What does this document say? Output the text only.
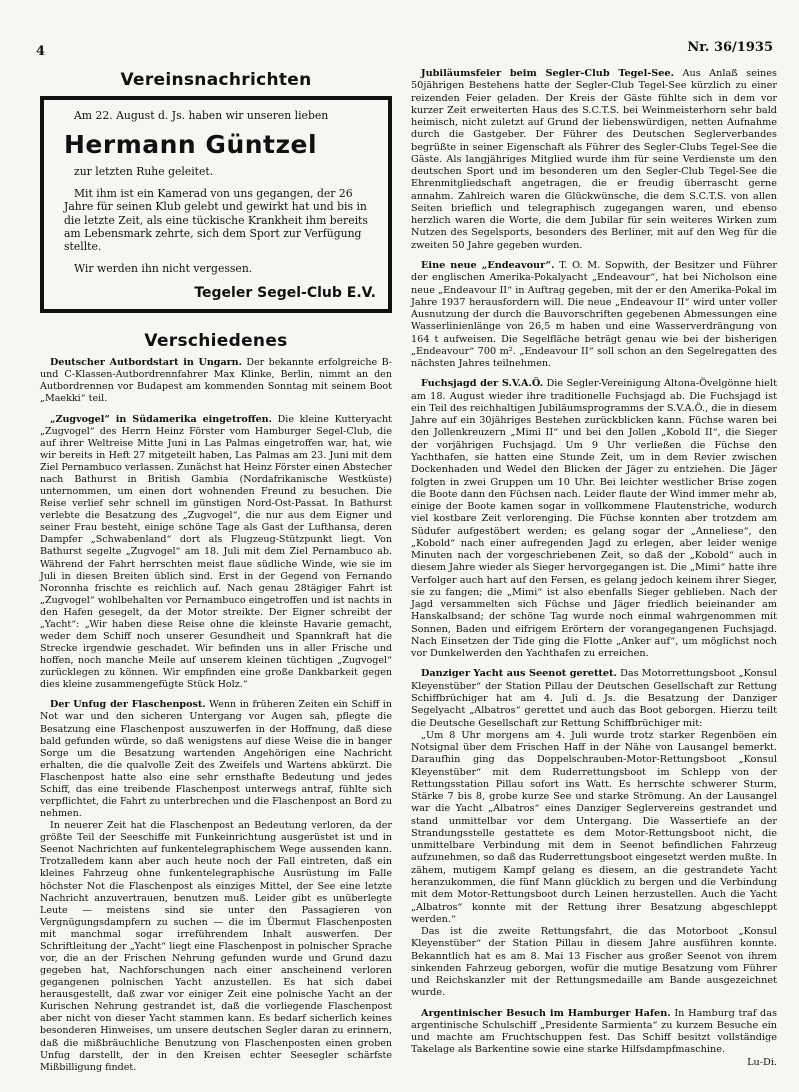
4	Nr. 36/1935
Vereinsnachrichten

Am 22. August d. Js. haben wir unseren lieben

Hermann Güntzel

zur letzten Ruhe geleitet.

Mit ihm ist ein Kamerad von uns gegangen, der 26 Jahre für seinen Klub gelebt und gewirkt hat und bis in die letzte Zeit, als eine tückische Krankheit ihm bereits am Lebensmark zehrte, sich dem Sport zur Verfügung stellte.

Wir werden ihn nicht vergessen.

Tegeler Segel-Club E.V.
Verschiedenes

Deutscher Autbordstart in Ungarn. Der bekannte erfolgreiche B- und C-Klassen-Autbordrennfahrer Max Klinke, Berlin, nimmt an den Autbordrennen vor Budapest am kommenden Sonntag mit seinem Boot „Maekki“ teil.

„Zugvogel“ in Südamerika eingetroffen. Die kleine Kutteryacht „Zugvogel“ des Herrn Heinz Förster vom Hamburger Segel-Club, die auf ihrer Weltreise Mitte Juni in Las Palmas eingetroffen war, hat, wie wir bereits in Heft 27 mitgeteilt haben, Las Palmas am 23. Juni mit dem Ziel Pernambuco verlassen. Zunächst hat Heinz Förster einen Abstecher nach Bathurst in British Gambia (Nordafrikanische Westküste) unternommen, um einen dort wohnenden Freund zu besuchen. Die Reise verlief sehr schnell im günstigen Nord-Ost-Passat. In Bathurst verlebte die Besatzung des „Zugvogel“, die nur aus dem Eigner und seiner Frau besteht, einige schöne Tage als Gast der Lufthansa, deren Dampfer „Schwabenland“ dort als Flugzeug-Stützpunkt liegt. Von Bathurst segelte „Zugvogel“ am 18. Juli mit dem Ziel Pernambuco ab. Während der Fahrt herrschten meist flaue südliche Winde, wie sie im Juli in diesen Breiten üblich sind. Erst in der Gegend von Fernando Noronnha frischte es reichlich auf. Nach genau 28tägiger Fahrt ist „Zugvogel“ wohlbehalten vor Pernambuco eingetroffen und ist nachts in den Hafen gesegelt, da der Motor streikte. Der Eigner schreibt der „Yacht“: „Wir haben diese Reise ohne die kleinste Havarie gemacht, weder dem Schiff noch unserer Gesundheit und Spannkraft hat die Strecke irgendwie geschadet. Wir befinden uns in aller Frische und hoffen, noch manche Meile auf unserem kleinen tüchtigen „Zugvogel“ zurücklegen zu können. Wir empfinden eine große Dankbarkeit gegen dies kleine zusammengefügte Stück Holz.“

Der Unfug der Flaschenpost. Wenn in früheren Zeiten ein Schiff in Not war und den sicheren Untergang vor Augen sah, pflegte die Besatzung eine Flaschenpost auszuwerfen in der Hoffnung, daß diese bald gefunden würde, so daß wenigstens auf diese Weise die in banger Sorge um die Besatzung wartenden Angehörigen eine Nachricht erhalten, die die qualvolle Zeit des Zweifels und Wartens abkürzt. Die Flaschenpost hatte also eine sehr ernsthafte Bedeutung und jedes Schiff, das eine treibende Flaschenpost unterwegs antraf, fühlte sich verpflichtet, die Fahrt zu unterbrechen und die Flaschenpost an Bord zu nehmen.

In neuerer Zeit hat die Flaschenpost an Bedeutung verloren, da der größte Teil der Seeschiffe mit Funkeinrichtung ausgerüstet ist und in Seenot Nachrichten auf funkentelegraphischem Wege aussenden kann. Trotzalledem kann aber auch heute noch der Fall eintreten, daß ein kleines Fahrzeug ohne funkentelegraphische Ausrüstung im Falle höchster Not die Flaschenpost als einziges Mittel, der See eine letzte Nachricht anzuvertrauen, benutzen muß. Leider gibt es unüberlegte Leute — meistens sind sie unter den Passagieren von Vergnügungsdampfern zu suchen — die im Übermut Flaschenposten mit manchmal sogar irreführendem Inhalt auswerfen. Der Schriftleitung der „Yacht“ liegt eine Flaschenpost in polnischer Sprache vor, die an der Frischen Nehrung gefunden wurde und Grund dazu gegeben hat, Nachforschungen nach einer anscheinend verloren gegangenen polnischen Yacht anzustellen. Es hat sich dabei herausgestellt, daß zwar vor einiger Zeit eine polnische Yacht an der Kurischen Nehrung gestrandet ist, daß die vorliegende Flaschenpost aber nicht von dieser Yacht stammen kann. Es bedarf sicherlich keines besonderen Hinweises, um unsere deutschen Segler daran zu erinnern, daß die mißbräuchliche Benutzung von Flaschenposten einen groben Unfug darstellt, der in den Kreisen echter Seesegler schärfste Mißbilligung findet.

Jubiläumsfeier beim Segler-Club Tegel-See. Aus Anlaß seines 50jährigen Bestehens hatte der Segler-Club Tegel-See kürzlich zu einer reizenden Feier geladen. Der Kreis der Gäste fühlte sich in dem vor kurzer Zeit erweiterten Haus des S.C.T.S. bei Weinmeisterhorn sehr bald heimisch, nicht zuletzt auf Grund der liebenswürdigen, netten Aufnahme durch die Gastgeber. Der Führer des Deutschen Seglerverbandes begrüßte in seiner Eigenschaft als Führer des Segler-Clubs Tegel-See die Gäste. Als langjähriges Mitglied wurde ihm für seine Verdienste um den deutschen Sport und im besonderen um den Segler-Club Tegel-See die Ehrenmitgliedschaft angetragen, die er freudig überrascht gerne annahm. Zahlreich waren die Glückwünsche, die dem S.C.T.S. von allen Seiten brieflich und telegraphisch zugegangen waren, und ebenso herzlich waren die Worte, die dem Jubilar für sein weiteres Wirken zum Nutzen des Segelsports, besonders des Berliner, mit auf den Weg für die zweiten 50 Jahre gegeben wurden.

Eine neue „Endeavour“. T. O. M. Sopwith, der Besitzer und Führer der englischen Amerika-Pokalyacht „Endeavour“, hat bei Nicholson eine neue „Endeavour II“ in Auftrag gegeben, mit der er den Amerika-Pokal im Jahre 1937 herausfordern will. Die neue „Endeavour II“ wird unter voller Ausnutzung der durch die Bauvorschriften gegebenen Abmessungen eine Wasserlinienlänge von 26,5 m haben und eine Wasserverdrängung von 164 t aufweisen. Die Segelfläche beträgt genau wie bei der bisherigen „Endeavour“ 700 m². „Endeavour II“ soll schon an den Segelregatten des nächsten Jahres teilnehmen.

Fuchsjagd der S.V.A.Ö. Die Segler-Vereinigung Altona-Övelgönne hielt am 18. August wieder ihre traditionelle Fuchsjagd ab. Die Fuchsjagd ist ein Teil des reichhaltigen Jubiläumsprogramms der S.V.A.Ö., die in diesem Jahre auf ein 30jähriges Bestehen zurückblicken kann. Füchse waren bei den Jollenkreuzern „Mimi II“ und bei den Jollen „Kobold II“, die Sieger der vorjährigen Fuchsjagd. Um 9 Uhr verließen die Füchse den Yachthafen, sie hatten eine Stunde Zeit, um in dem Revier zwischen Dockenhaden und Wedel den Blicken der Jäger zu entziehen. Die Jäger folgten in zwei Gruppen um 10 Uhr. Bei leichter westlicher Brise zogen die Boote dann den Füchsen nach. Leider flaute der Wind immer mehr ab, einige der Boote kamen sogar in vollkommene Flautenstriche, wodurch viel kostbare Zeit verlorenging. Die Füchse konnten aber trotzdem am Südufer aufgestöbert werden; es gelang sogar der „Anneliese“, den „Kobold“ nach einer aufregenden Jagd zu erlegen, aber leider wenige Minuten nach der vorgeschriebenen Zeit, so daß der „Kobold“ auch in diesem Jahre wieder als Sieger hervorgegangen ist. Die „Mimi“ hatte ihre Verfolger auch hart auf den Fersen, es gelang jedoch keinem ihrer Sieger, sie zu fangen; die „Mimi“ ist also ebenfalls Sieger geblieben. Nach der Jagd versammelten sich Füchse und Jäger friedlich beieinander am Hanskalbsand; der schöne Tag wurde noch einmal wahrgenommen mit Sonnen, Baden und eifrigem Erörtern der vorangegangenen Fuchsjagd. Nach Einsetzen der Tide ging die Flotte „Anker auf“, um möglichst noch vor Dunkelwerden den Yachthafen zu erreichen.

Danziger Yacht aus Seenot gerettet. Das Motorrettungsboot „Konsul Kleyenstüber“ der Station Pillau der Deutschen Gesellschaft zur Rettung Schiffbrüchiger hat am 4. Juli d. Js. die Besatzung der Danziger Segelyacht „Albatros“ gerettet und auch das Boot geborgen. Hierzu teilt die Deutsche Gesellschaft zur Rettung Schiffbrüchiger mit:

„Um 8 Uhr morgens am 4. Juli wurde trotz starker Regenböen ein Notsignal über dem Frischen Haff in der Nähe von Lausangel bemerkt. Daraufhin ging das Doppelschrauben-Motor-Rettungsboot „Konsul Kleyenstüber“ mit dem Ruderrettungsboot im Schlepp von der Rettungsstation Pillau sofort ins Watt. Es herrschte schwerer Sturm, Stärke 7 bis 8, grobe kurze See und starke Strömung. An der Lausangel war die Yacht „Albatros“ eines Danziger Seglervereins gestrandet und stand unmittelbar vor dem Untergang. Die Wassertiefe an der Strandungsstelle gestattete es dem Motor-Rettungsboot nicht, die unmittelbare Verbindung mit dem in Seenot befindlichen Fahrzeug aufzunehmen, so daß das Ruderrettungsboot eingesetzt werden mußte. In zähem, mutigem Kampf gelang es diesem, an die gestrandete Yacht heranzukommen, die fünf Mann glücklich zu bergen und die Verbindung mit dem Motor-Rettungsboot durch Leinen herzustellen. Auch die Yacht „Albatros“ konnte mit der Rettung ihrer Besatzung abgeschleppt werden.“

Das ist die zweite Rettungsfahrt, die das Motorboot „Konsul Kleyenstüber“ der Station Pillau in diesem Jahre ausführen konnte. Bekanntlich hat es am 8. Mai 13 Fischer aus großer Seenot von ihrem sinkenden Fahrzeug geborgen, wofür die mutige Besatzung vom Führer und Reichskanzler mit der Rettungsmedaille am Bande ausgezeichnet wurde.

Argentinischer Besuch im Hamburger Hafen. In Hamburg traf das argentinische Schulschiff „Presidente Sarmienta“ zu kurzem Besuche ein und machte am Fruchtschuppen fest. Das Schiff besitzt vollständige Takelage als Barkentine sowie eine starke Hilfsdampfmaschine.

Lu-Di.
